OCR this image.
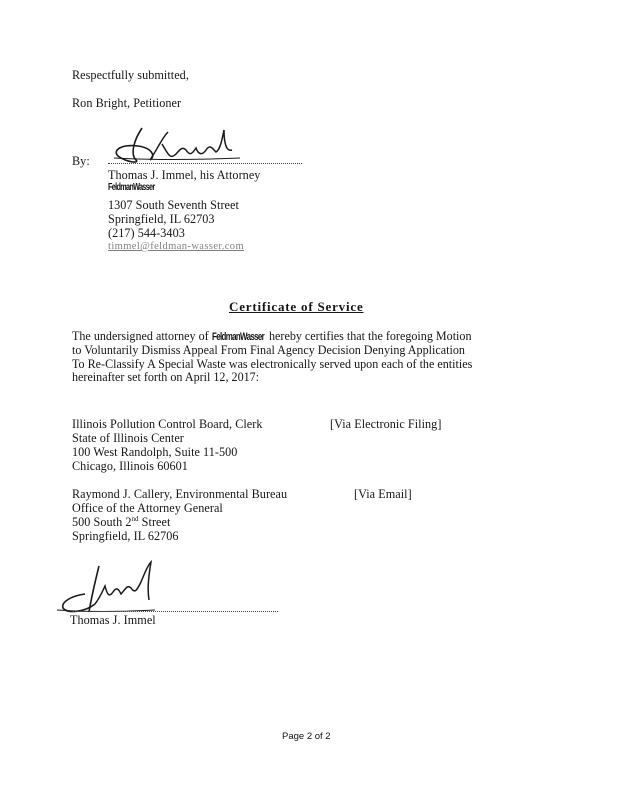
Respectfully submitted,
Ron Bright, Petitioner
By:
Thomas J. Immel, his Attorney
FeldmanWasser
1307 South Seventh Street
Springfield, IL 62703
(217) 544-3403
timmel@feldman-wasser.com
Certificate of Service
The undersigned attorney of FeldmanWasser hereby certifies that the foregoing Motion
to Voluntarily Dismiss Appeal From Final Agency Decision Denying Application
To Re-Classify A Special Waste was electronically served upon each of the entities
hereinafter set forth on April 12, 2017:
Illinois Pollution Control Board, Clerk	[Via Electronic Filing]
State of Illinois Center
100 West Randolph, Suite 11-500
Chicago, Illinois 60601
Raymond J. Callery, Environmental Bureau	[Via Email]
Office of the Attorney General
500 South 2nd Street
Springfield, IL 62706
Thomas J. Immel
Page 2 of 2
